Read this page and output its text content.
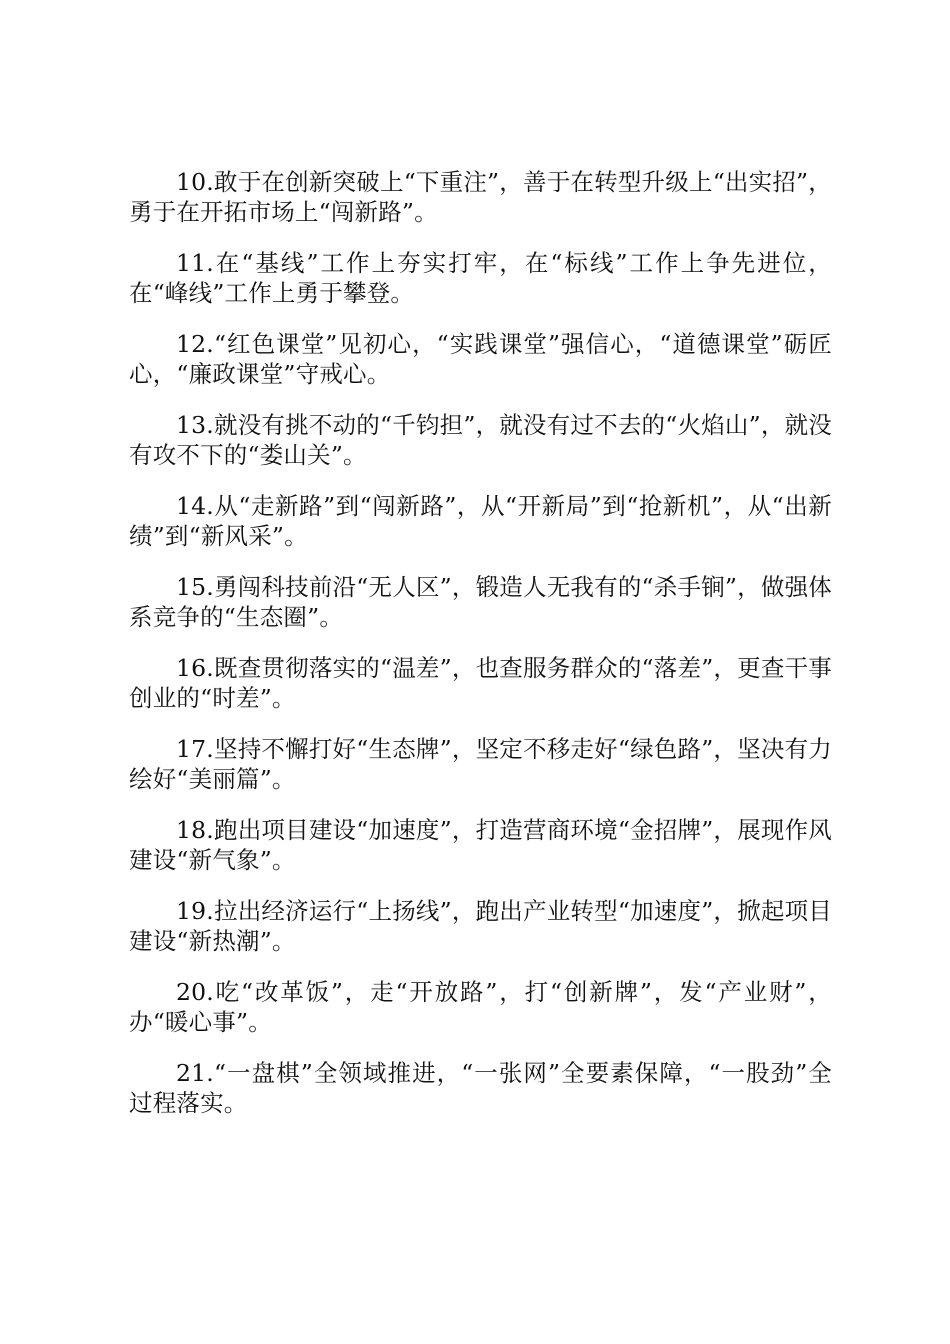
10.敢于在创新突破上“下重注”，善于在转型升级上“出实招”，勇于在开拓市场上“闯新路”。

11.在“基线”工作上夯实打牢，在“标线”工作上争先进位，在“峰线”工作上勇于攀登。

12.“红色课堂”见初心，“实践课堂”强信心，“道德课堂”砺匠心，“廉政课堂”守戒心。

13.就没有挑不动的“千钧担”，就没有过不去的“火焰山”，就没有攻不下的“娄山关”。

14.从“走新路”到“闯新路”，从“开新局”到“抢新机”，从“出新绩”到“新风采”。

15.勇闯科技前沿“无人区”，锻造人无我有的“杀手锏”，做强体系竞争的“生态圈”。

16.既查贯彻落实的“温差”，也查服务群众的“落差”，更查干事创业的“时差”。

17.坚持不懈打好“生态牌”，坚定不移走好“绿色路”，坚决有力绘好“美丽篇”。

18.跑出项目建设“加速度”，打造营商环境“金招牌”，展现作风建设“新气象”。

19.拉出经济运行“上扬线”，跑出产业转型“加速度”，掀起项目建设“新热潮”。

20.吃“改革饭”，走“开放路”，打“创新牌”，发“产业财”，办“暖心事”。

21.“一盘棋”全领域推进，“一张网”全要素保障，“一股劲”全过程落实。
